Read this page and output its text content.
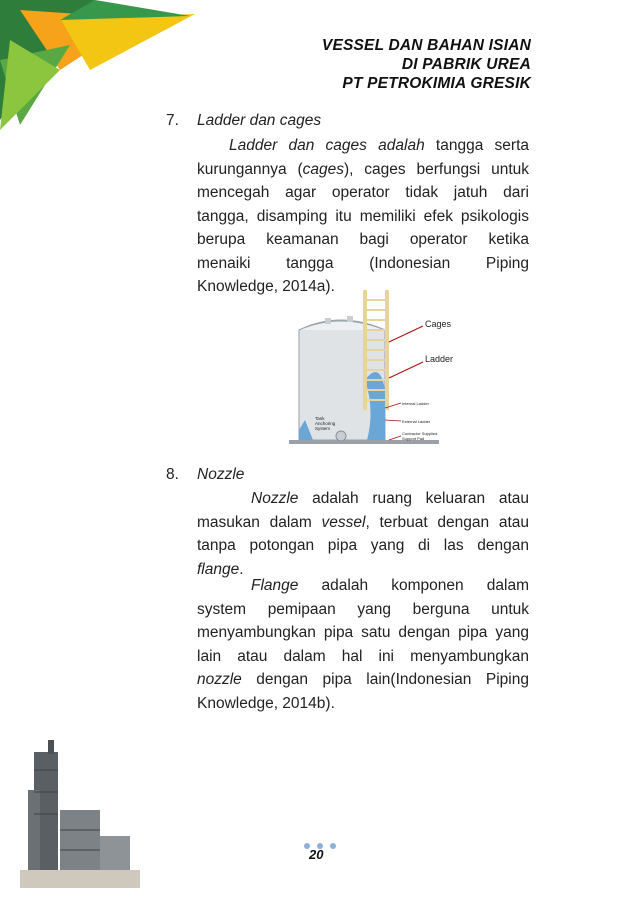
VESSEL DAN BAHAN ISIAN
DI PABRIK UREA
PT PETROKIMIA GRESIK
7. Ladder dan cages
Ladder dan cages adalah tangga serta
kurungannya (cages), cages berfungsi untuk
mencegah agar operator tidak jatuh dari
tangga, disamping itu memiliki efek psikologis
berupa keamanan bagi operator ketika
menaiki tangga (Indonesian Piping
Knowledge, 2014a).
Cages
Ladder
Internal Ladder
External Ladder
Contractor Supplied
Support Pad
Tank
Anchoring
System
8. Nozzle
Nozzle adalah ruang keluaran atau
masukan dalam vessel, terbuat dengan atau
tanpa potongan pipa yang di las dengan
flange.
Flange adalah komponen dalam
system pemipaan yang berguna untuk
menyambungkan pipa satu dengan pipa yang
lain atau dalam hal ini menyambungkan
nozzle dengan pipa lain(Indonesian Piping
Knowledge, 2014b).
20
